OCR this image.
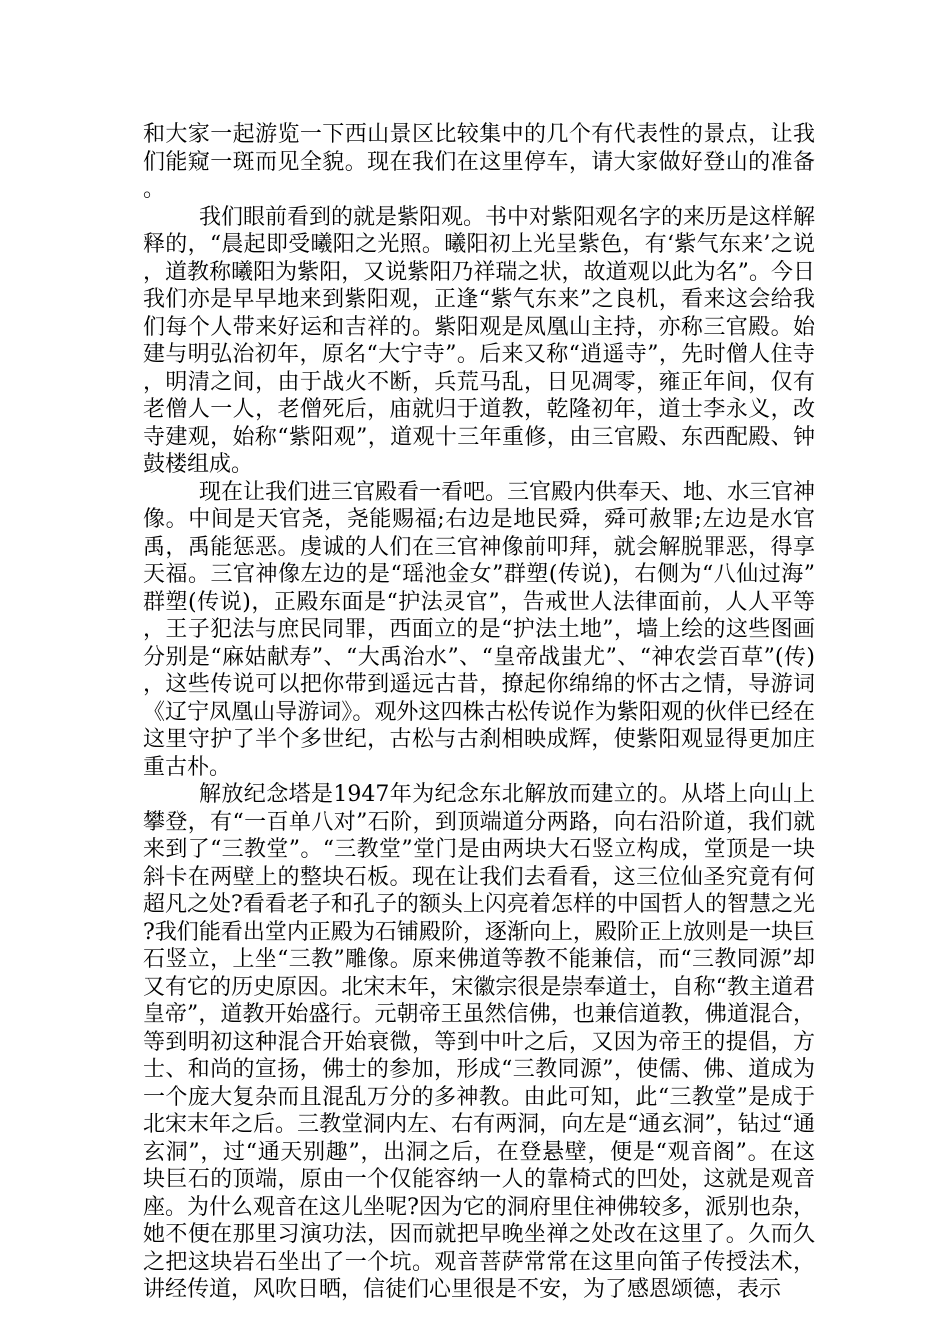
和大家一起游览一下西山景区比较集中的几个有代表性的景点，让我们能窥一斑而见全貌。现在我们在这里停车，请大家做好登山的准备。

我们眼前看到的就是紫阳观。书中对紫阳观名字的来历是这样解释的，“晨起即受曦阳之光照。曦阳初上光呈紫色，有‘紫气东来’之说，道教称曦阳为紫阳，又说紫阳乃祥瑞之状，故道观以此为名”。今日我们亦是早早地来到紫阳观，正逢“紫气东来”之良机，看来这会给我们每个人带来好运和吉祥的。紫阳观是凤凰山主持，亦称三官殿。始建与明弘治初年，原名“大宁寺”。后来又称“逍遥寺”，先时僧人住寺，明清之间，由于战火不断，兵荒马乱，日见凋零，雍正年间，仅有老僧人一人，老僧死后，庙就归于道教，乾隆初年，道士李永义，改寺建观，始称“紫阳观”，道观十三年重修，由三官殿、东西配殿、钟鼓楼组成。

现在让我们进三官殿看一看吧。三官殿内供奉天、地、水三官神像。中间是天官尧，尧能赐福;右边是地民舜，舜可赦罪;左边是水官禹，禹能惩恶。虔诚的人们在三官神像前叩拜，就会解脱罪恶，得享天福。三官神像左边的是“瑶池金女”群塑(传说)，右侧为“八仙过海”群塑(传说)，正殿东面是“护法灵官”，告戒世人法律面前，人人平等，王子犯法与庶民同罪，西面立的是“护法土地”，墙上绘的这些图画分别是“麻姑献寿”、“大禹治水”、“皇帝战蚩尤”、“神农尝百草”(传)，这些传说可以把你带到遥远古昔，撩起你绵绵的怀古之情，导游词《辽宁凤凰山导游词》。观外这四株古松传说作为紫阳观的伙伴已经在这里守护了半个多世纪，古松与古刹相映成辉，使紫阳观显得更加庄重古朴。

解放纪念塔是1947年为纪念东北解放而建立的。从塔上向山上攀登，有“一百单八对”石阶，到顶端道分两路，向右沿阶道，我们就来到了“三教堂”。“三教堂”堂门是由两块大石竖立构成，堂顶是一块斜卡在两壁上的整块石板。现在让我们去看看，这三位仙圣究竟有何超凡之处?看看老子和孔子的额头上闪亮着怎样的中国哲人的智慧之光?我们能看出堂内正殿为石铺殿阶，逐渐向上，殿阶正上放则是一块巨石竖立，上坐“三教”雕像。原来佛道等教不能兼信，而“三教同源”却又有它的历史原因。北宋末年，宋徽宗很是崇奉道士，自称“教主道君皇帝”，道教开始盛行。元朝帝王虽然信佛，也兼信道教，佛道混合，等到明初这种混合开始衰微，等到中叶之后，又因为帝王的提倡，方士、和尚的宣扬，佛士的参加，形成“三教同源”，使儒、佛、道成为一个庞大复杂而且混乱万分的多神教。由此可知，此“三教堂”是成于北宋末年之后。三教堂洞内左、右有两洞，向左是“通玄洞”，钻过“通玄洞”，过“通天别趣”，出洞之后，在登悬壁，便是“观音阁”。在这块巨石的顶端，原由一个仅能容纳一人的靠椅式的凹处，这就是观音座。为什么观音在这儿坐呢?因为它的洞府里住神佛较多，派别也杂，她不便在那里习演功法，因而就把早晚坐禅之处改在这里了。久而久之把这块岩石坐出了一个坑。观音菩萨常常在这里向笛子传授法术，讲经传道，风吹日晒，信徒们心里很是不安，为了感恩颂德，表示
